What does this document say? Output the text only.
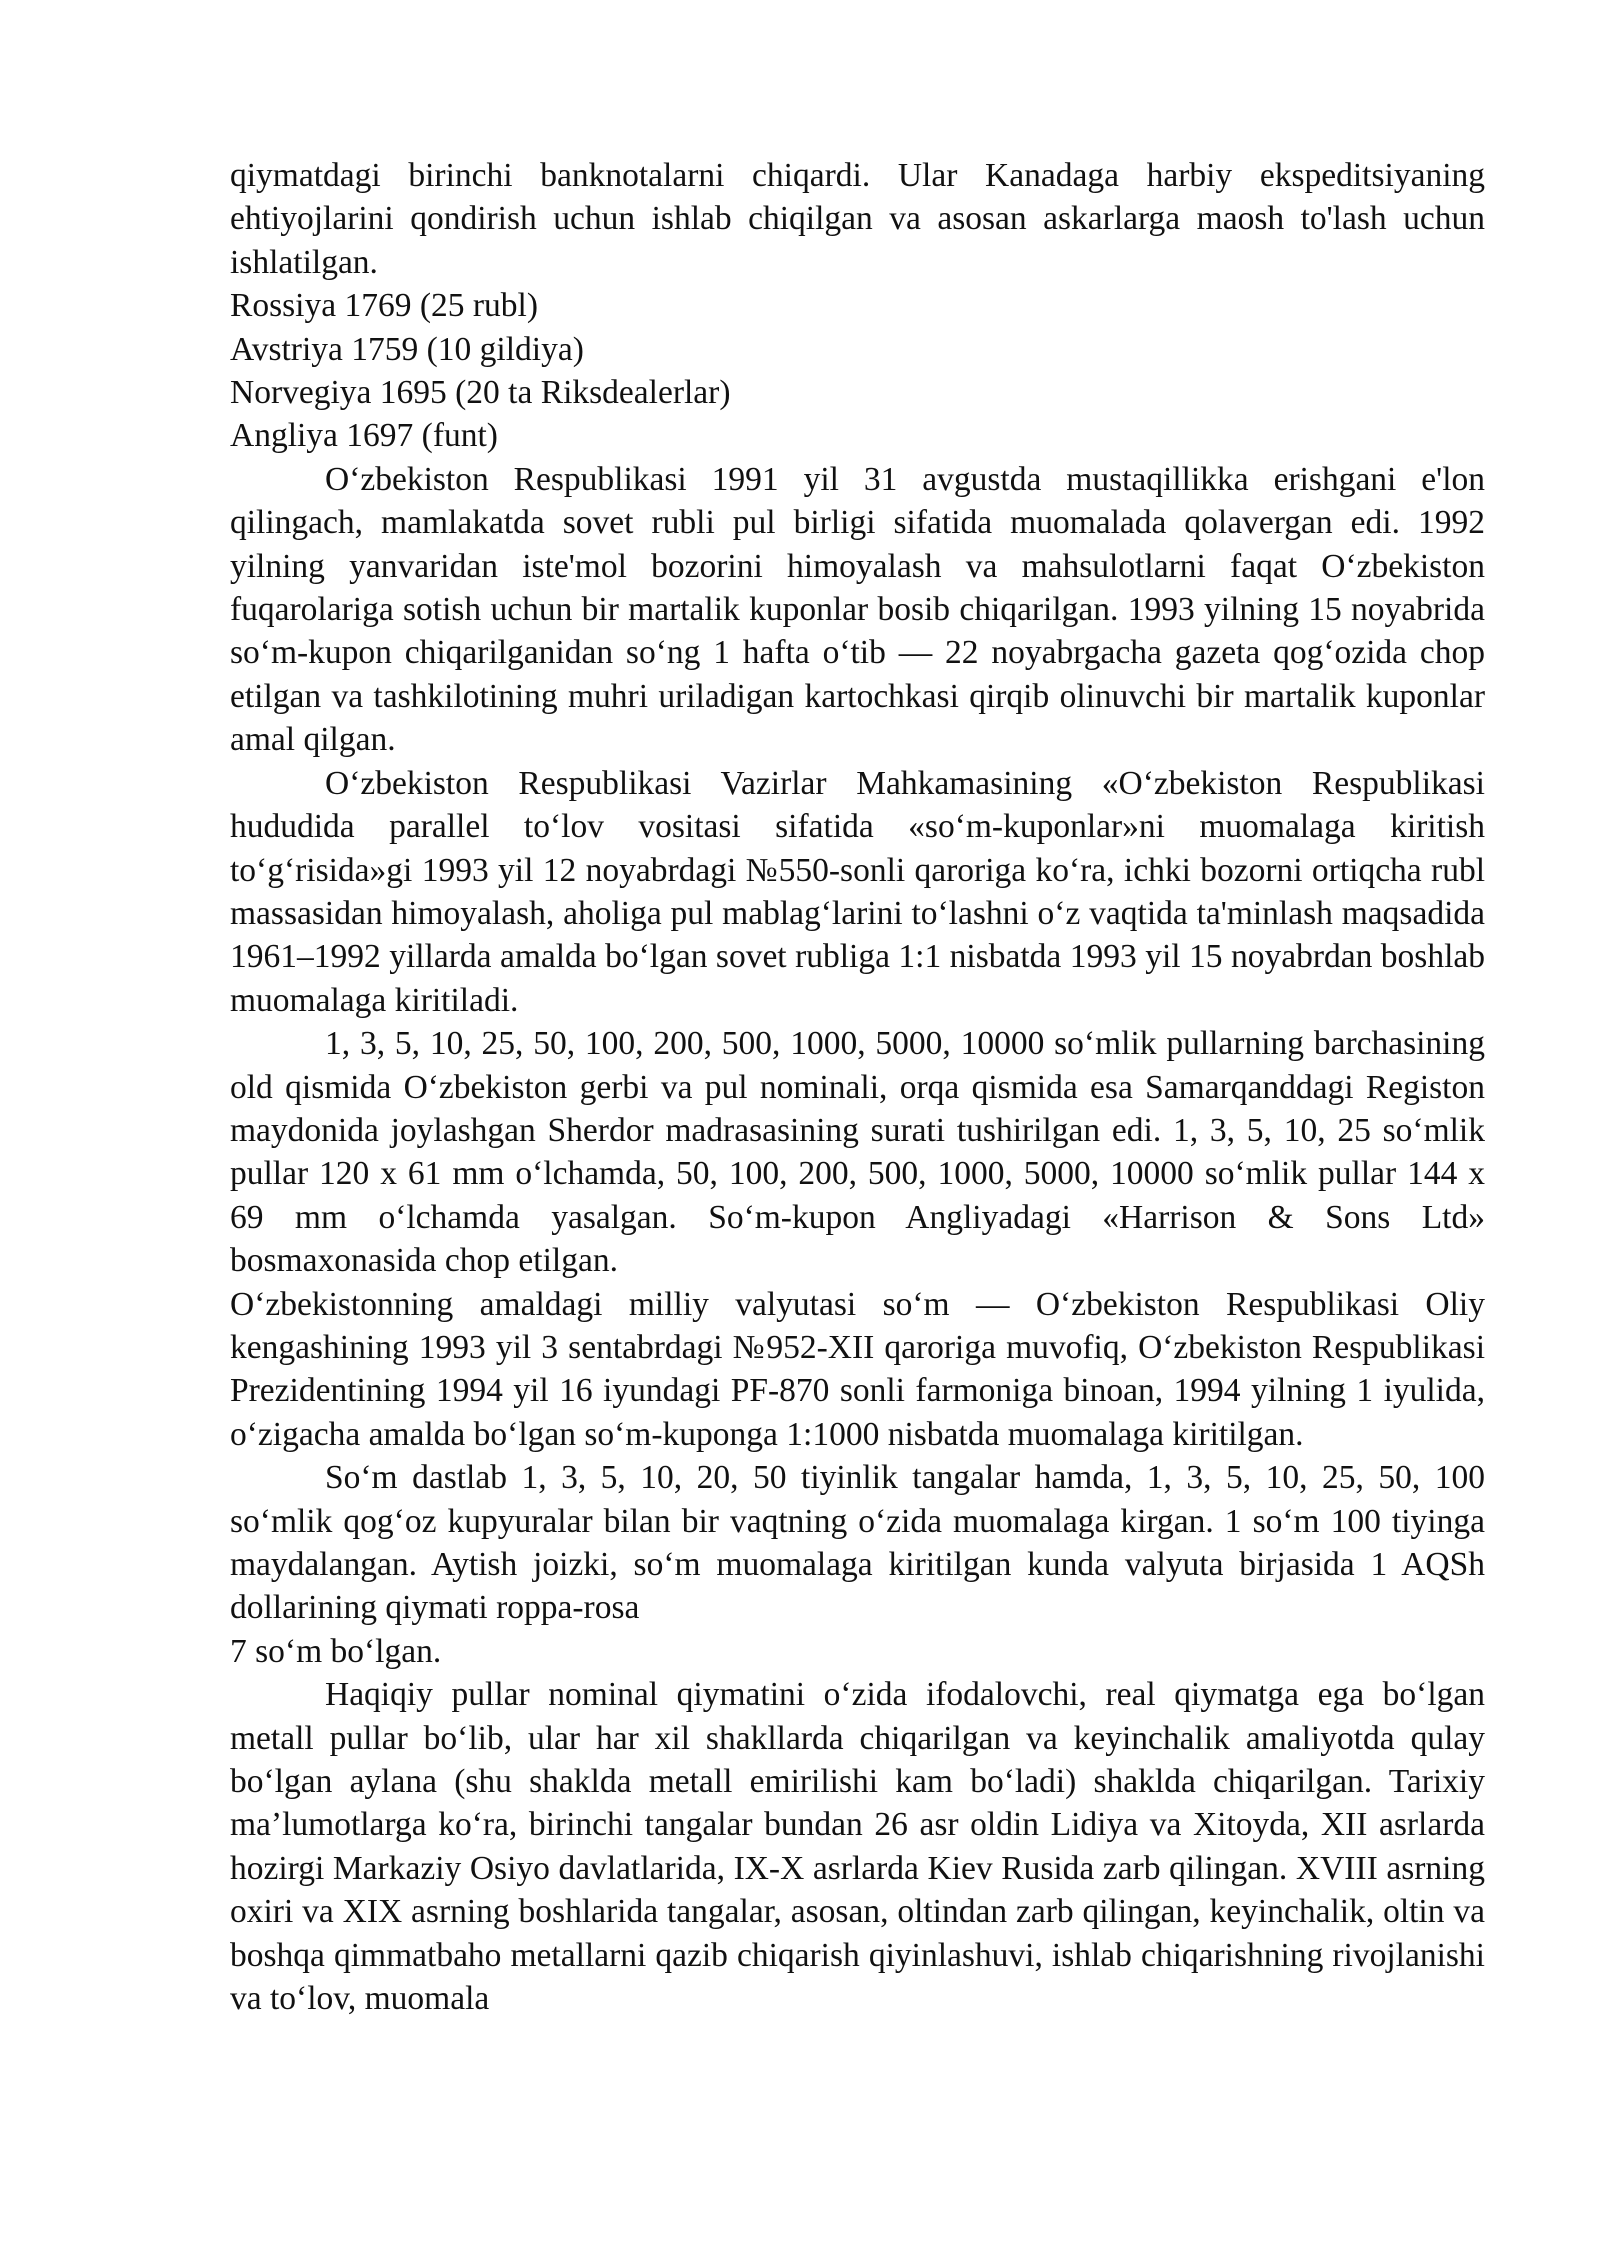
qiymatdagi birinchi banknotalarni chiqardi. Ular Kanadaga harbiy ekspeditsiyaning ehtiyojlarini qondirish uchun ishlab chiqilgan va asosan askarlarga maosh to'lash uchun ishlatilgan.

Rossiya 1769 (25 rubl)

Avstriya 1759 (10 gildiya)

Norvegiya 1695 (20 ta Riksdealerlar)

Angliya 1697 (funt)

O‘zbekiston Respublikasi 1991 yil 31 avgustda mustaqillikka erishgani e'lon qilingach, mamlakatda sovet rubli pul birligi sifatida muomalada qolavergan edi. 1992 yilning yanvaridan iste'mol bozorini himoyalash va mahsulotlarni faqat O‘zbekiston fuqarolariga sotish uchun bir martalik kuponlar bosib chiqarilgan. 1993 yilning 15 noyabrida so‘m-kupon chiqarilganidan so‘ng 1 hafta o‘tib — 22 noyabrgacha gazeta qog‘ozida chop etilgan va tashkilotining muhri uriladigan kartochkasi qirqib olinuvchi bir martalik kuponlar amal qilgan.

O‘zbekiston Respublikasi Vazirlar Mahkamasining «O‘zbekiston Respublikasi hududida parallel to‘lov vositasi sifatida «so‘m-kuponlar»ni muomalaga kiritish to‘g‘risida»gi 1993 yil 12 noyabrdagi №550-sonli qaroriga ko‘ra, ichki bozorni ortiqcha rubl massasidan himoyalash, aholiga pul mablag‘larini to‘lashni o‘z vaqtida ta'minlash maqsadida 1961–1992 yillarda amalda bo‘lgan sovet rubliga 1:1 nisbatda 1993 yil 15 noyabrdan boshlab muomalaga kiritiladi.

1, 3, 5, 10, 25, 50, 100, 200, 500, 1000, 5000, 10000 so‘mlik pullarning barchasining old qismida O‘zbekiston gerbi va pul nominali, orqa qismida esa Samarqanddagi Registon maydonida joylashgan Sherdor madrasasining surati tushirilgan edi. 1, 3, 5, 10, 25 so‘mlik pullar 120 x 61 mm o‘lchamda, 50, 100, 200, 500, 1000, 5000, 10000 so‘mlik pullar 144 x 69 mm o‘lchamda yasalgan. So‘m-kupon Angliyadagi «Harrison & Sons Ltd» bosmaxonasida chop etilgan.

O‘zbekistonning amaldagi milliy valyutasi so‘m — O‘zbekiston Respublikasi Oliy kengashining 1993 yil 3 sentabrdagi №952-XII qaroriga muvofiq, O‘zbekiston Respublikasi Prezidentining 1994 yil 16 iyundagi PF-870 sonli farmoniga binoan, 1994 yilning 1 iyulida, o‘zigacha amalda bo‘lgan so‘m-kuponga 1:1000 nisbatda muomalaga kiritilgan.

So‘m dastlab 1, 3, 5, 10, 20, 50 tiyinlik tangalar hamda, 1, 3, 5, 10, 25, 50, 100 so‘mlik qog‘oz kupyuralar bilan bir vaqtning o‘zida muomalaga kirgan. 1 so‘m 100 tiyinga maydalangan. Aytish joizki, so‘m muomalaga kiritilgan kunda valyuta birjasida 1 AQSh dollarining qiymati roppa-rosa

7 so‘m bo‘lgan.

Haqiqiy pullar nominal qiymatini o‘zida ifodalovchi, real qiymatga ega bo‘lgan metall pullar bo‘lib, ular har xil shakllarda chiqarilgan va keyinchalik amaliyotda qulay bo‘lgan aylana (shu shaklda metall emirilishi kam bo‘ladi) shaklda chiqarilgan. Tarixiy ma’lumotlarga ko‘ra, birinchi tangalar bundan 26 asr oldin Lidiya va Xitoyda, XII asrlarda hozirgi Markaziy Osiyo davlatlarida, IX-X asrlarda Kiev Rusida zarb qilingan. XVIII asrning oxiri va XIX asrning boshlarida tangalar, asosan, oltindan zarb qilingan, keyinchalik, oltin va boshqa qimmatbaho metallarni qazib chiqarish qiyinlashuvi, ishlab chiqarishning rivojlanishi va to‘lov, muomala
